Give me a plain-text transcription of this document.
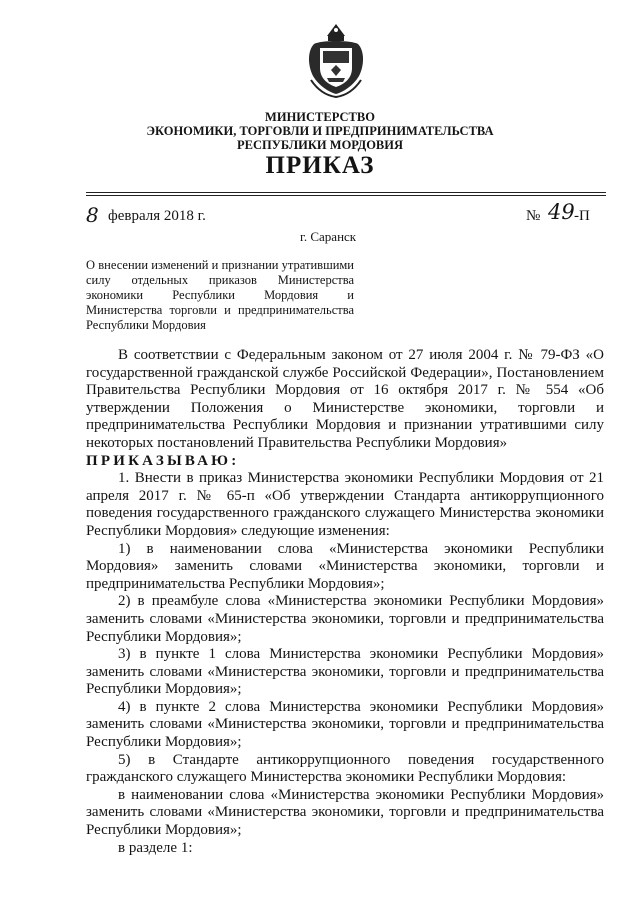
МИНИСТЕРСТВО
ЭКОНОМИКИ, ТОРГОВЛИ И ПРЕДПРИНИМАТЕЛЬСТВА
РЕСПУБЛИКИ МОРДОВИЯ
ПРИКАЗ
8 февраля 2018 г.	№ 49 -П
г. Саранск
О внесении изменений и признании утратившими силу отдельных приказов Министерства экономики Республики Мордовия и Министерства торговли и предпринимательства Республики Мордовия

В соответствии с Федеральным законом от 27 июля 2004 г. № 79-ФЗ «О государственной гражданской службе Российской Федерации», Постановлением Правительства Республики Мордовия от 16 октября 2017 г. № 554 «Об утверждении Положения о Министерстве экономики, торговли и предпринимательства Республики Мордовия и признании утратившими силу некоторых постановлений Правительства Республики Мордовия»

ПРИКАЗЫВАЮ:

1. Внести в приказ Министерства экономики Республики Мордовия от 21 апреля 2017 г. № 65-п «Об утверждении Стандарта антикоррупционного поведения государственного гражданского служащего Министерства экономики Республики Мордовия» следующие изменения:

1) в наименовании слова «Министерства экономики Республики Мордовия» заменить словами «Министерства экономики, торговли и предпринимательства Республики Мордовия»;

2) в преамбуле слова «Министерства экономики Республики Мордовия» заменить словами «Министерства экономики, торговли и предпринимательства Республики Мордовия»;

3) в пункте 1 слова Министерства экономики Республики Мордовия» заменить словами «Министерства экономики, торговли и предпринимательства Республики Мордовия»;

4) в пункте 2 слова Министерства экономики Республики Мордовия» заменить словами «Министерства экономики, торговли и предпринимательства Республики Мордовия»;

5) в Стандарте антикоррупционного поведения государственного гражданского служащего Министерства экономики Республики Мордовия:

в наименовании слова «Министерства экономики Республики Мордовия» заменить словами «Министерства экономики, торговли и предпринимательства Республики Мордовия»;

в разделе 1:
